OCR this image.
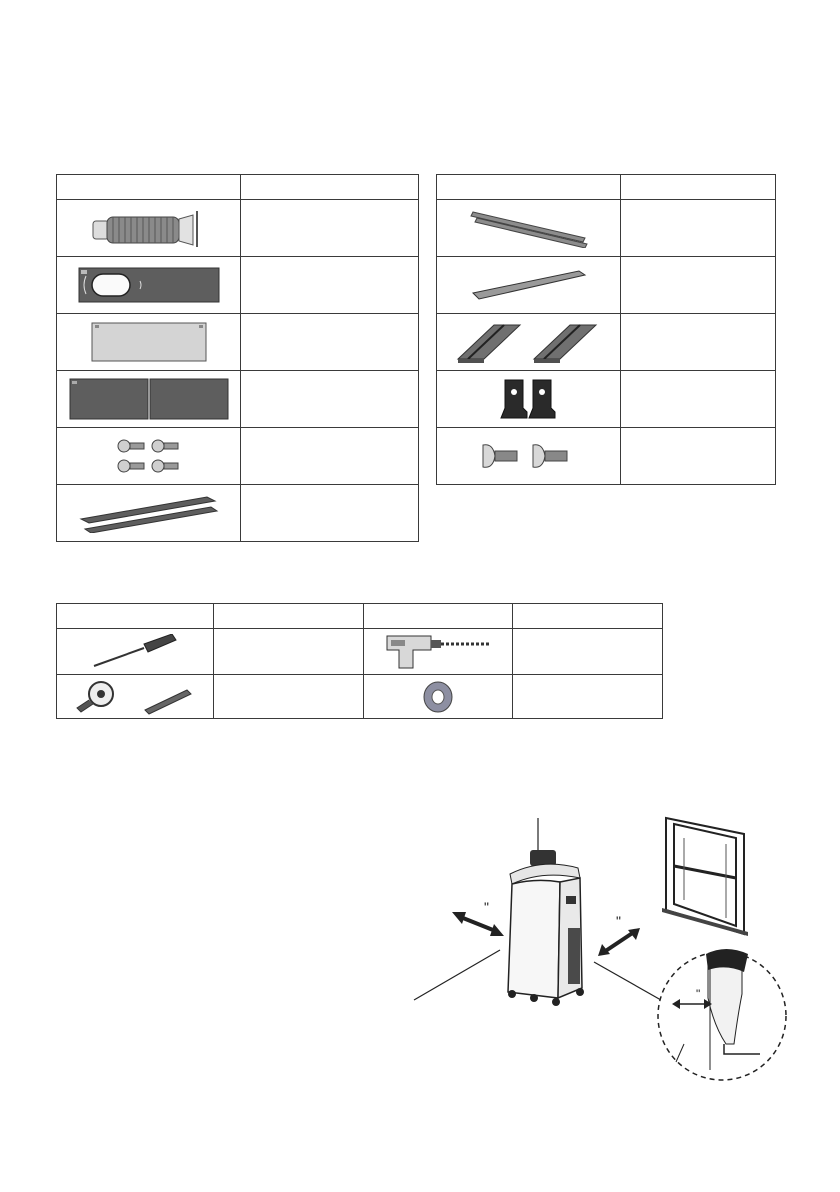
"
"
"
